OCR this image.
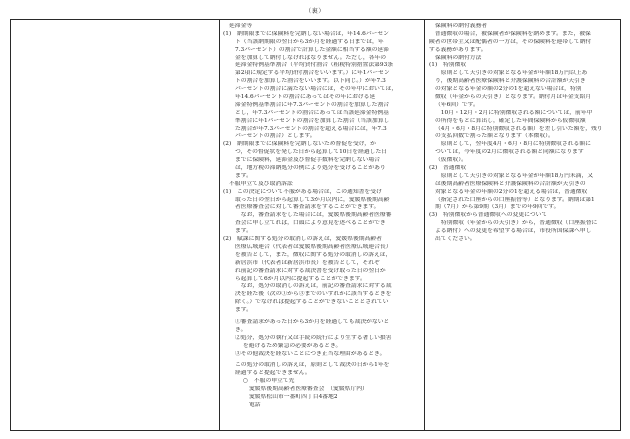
（裏）
延滞金等
(1)　納期限までに保険料を完納しない場合は，年14.6パーセン
ト（当該納期限の翌日から3か月を経過する日までは，年
7.3パーセント）の割合で計算した金額に相当する額の延滞
金を加算して納付しなければなりません。ただし，各年の
延滞金特例基準割合（平均貸付割合（租税特別措置法第93条
第2項に規定する平均貸付割合をいいます。）に年1パーセン
トの割合を加算した割合をいいます。以下同じ。）が年7.3
パーセントの割合に満たない場合には，その年中においては，
年14.6パーセントの割合にあってはその年における延
滞金特例基準割合に年7.3パーセントの割合を加算した割合
とし，年7.3パーセントの割合にあっては当該延滞金特例基
準割合に年1パーセントの割合を加算した割合（当該加算し
た割合が年7.3パーセントの割合を超える場合には，年7.3
パーセントの割合）とします。
(2)　納期限までに保険料を完納しないため督促を受け，か
つ，その督促状を発した日から起算して10日を経過した日
までに保険料，延滞金及び督促手数料を完納しない場合
は，地方税の滞納処分の例により処分を受けることがあり
ます。
不服申立て及び取消訴訟
(1)　この決定について不服がある場合は，この通知書を受け
取った日の翌日から起算して3か月以内に，愛媛県後期高齢
者医療審査会に対して審査請求をすることができます。
　なお，審査請求をした場合には，愛媛県後期高齢者医療審
査会に申し立てれば，口頭により意見を述べることができ
ます。
(2)　賦課に関する処分の取消しの訴えは，愛媛県後期高齢者
医療広域連合（代表者は愛媛県後期高齢者医療広域連合長）
を被告として，また，徴収に関する処分の取消しの訴えは，
新居浜市（代表者は新居浜市長）を被告として，それぞ
れ前記の審査請求に対する裁決書を受け取った日の翌日か
ら起算して6か月以内に提起することができます。
　なお，処分の取消しの訴えは，前記の審査請求に対する裁
決を経た後（次の①から③までのいずれかに該当するときを
除く。）でなければ提起することができないこととされてい
ます。
①審査請求があった日から3か月を経過しても裁決がないと
き。
②処分，処分の執行又は手続の続行により生ずる著しい損害
を避けるため緊急の必要があるとき。
③その他裁決を経ないことにつき正当な理由があるとき。
この処分の取消しの訴えは，原則として裁決の日から1年を
経過すると提起できません。
○　不服の申立て先
愛媛県後期高齢者医療審査会　（愛媛県庁内）
愛媛県松山市一番町四丁目4番地2
電話
保険料の納付義務者
　普通徴収の場合，被保険者が保険料を納めます。また，被保
険者の世帯主又は配偶者の一方は，その保険料を連帯して納付
する義務があります。
保険料の納付方法
(1)　特別徴収
　原則として天引きの対象となる年金が年額18万円以上あ
り，後期高齢者医療保険料と介護保険料の合計額が天引き
の対象となる年金の額の2分の1を超えない場合は，特別
徴収（年金からの天引き）となります。納付月は年金支給月
（年6回）です。
　10月・12月・2月に特別徴収される額については，前年中
の所得をもとに算出し，確定した年間保険料から仮徴収額
（4月・6月・8月に特別徴収される額）を差し引いた額を，残り
の支払回数で割った額となります（本徴収）。
　原則として，翌年度4月・6月・8月に特別徴収される額に
ついては，今年度の2月に徴収される額と同額になります
（仮徴収）。
(2)　普通徴収
　原則として天引きの対象となる年金が年額18万円未満，又
は後期高齢者医療保険料と介護保険料の合計額が天引きの
対象となる年金の年額の2分の1を超える場合は，普通徴収
（指定された口座からの口座振替等）となります。納期は第1
期（7月）から第9期（3月）までの年9回です。
(3)　特別徴収から普通徴収への変更について
　特別徴収（年金からの天引き）から，普通徴収（口座振替に
よる納付）への変更を希望する場合は，市役所国保課へ申し
出てください。
